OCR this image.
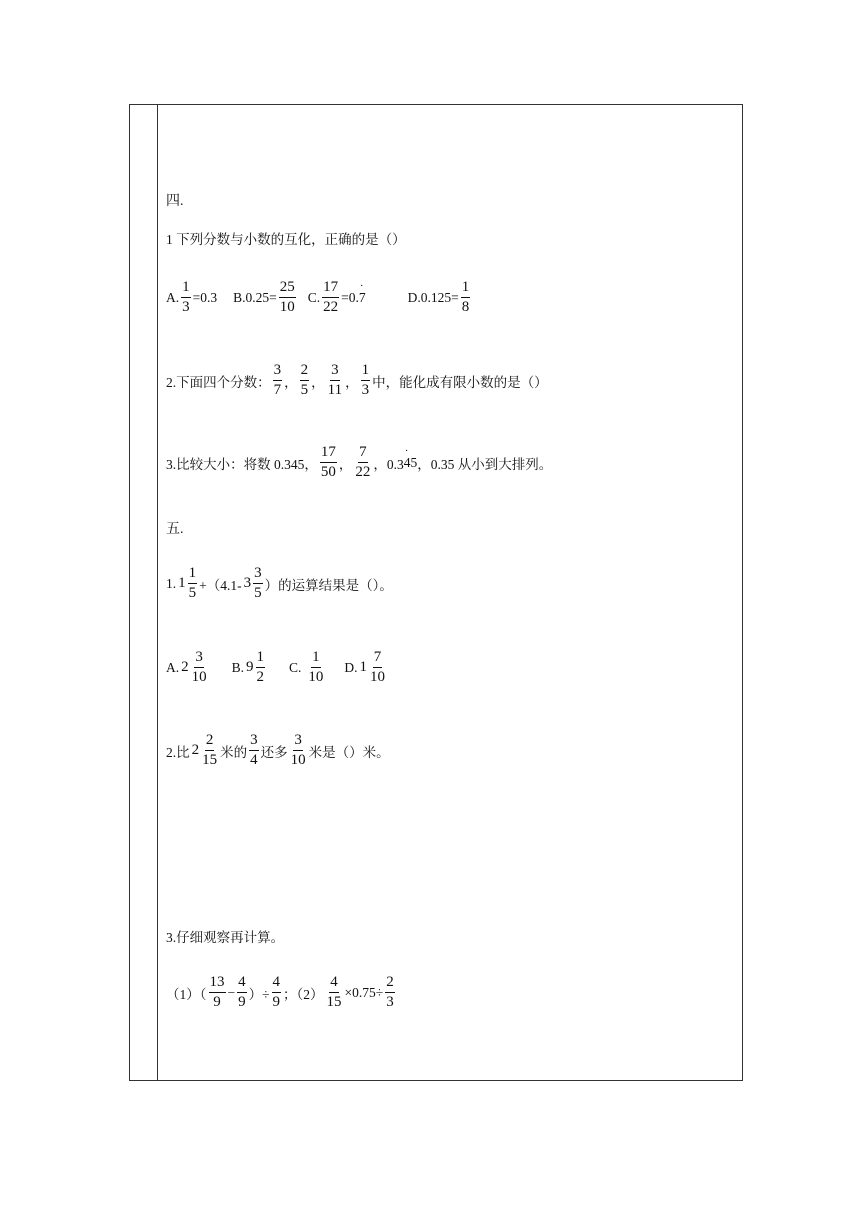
四.
1 下列分数与小数的互化，正确的是（）
A. $\frac{1}{3} =0.3$ $B.0.25= \frac{25}{10} C$. $\frac{17}{22} =0$. · 7	$D.0.125= \frac{1}{8}$
2.下面四个分数： $\frac{3}{7}$ ， $\frac{2}{5}$ ， $\frac{3}{11}$ ， $\frac{1}{3}$ 中，能化成有限小数的是（）
3.比较大小：将数 0.345， $\frac{17}{50}$ ， $\frac{7}{22}$ ，0.3 · 45 ，0.35 从小到大排列。
五.
1. $1 \frac{1}{5} +(4.1-$ $3 \frac{3}{5}$ ）的运算结果是（）。
A. $2 \frac{3}{10} B$. $9 \frac{1}{2} C$. $\frac{1}{10} D$. $1 \frac{7}{10}$
2.比 $2 \frac{2}{15}$ 米的 $\frac{3}{4}$ 还多 $\frac{3}{10}$ 米是（）米。
3.仔细观察再计算。
$(1)( \frac{13}{9} - \frac{4}{9}$ ）÷ $\frac{4}{9}$ ；$(2) \frac{4}{15} \times 0.75\div \frac{2}{3}$
